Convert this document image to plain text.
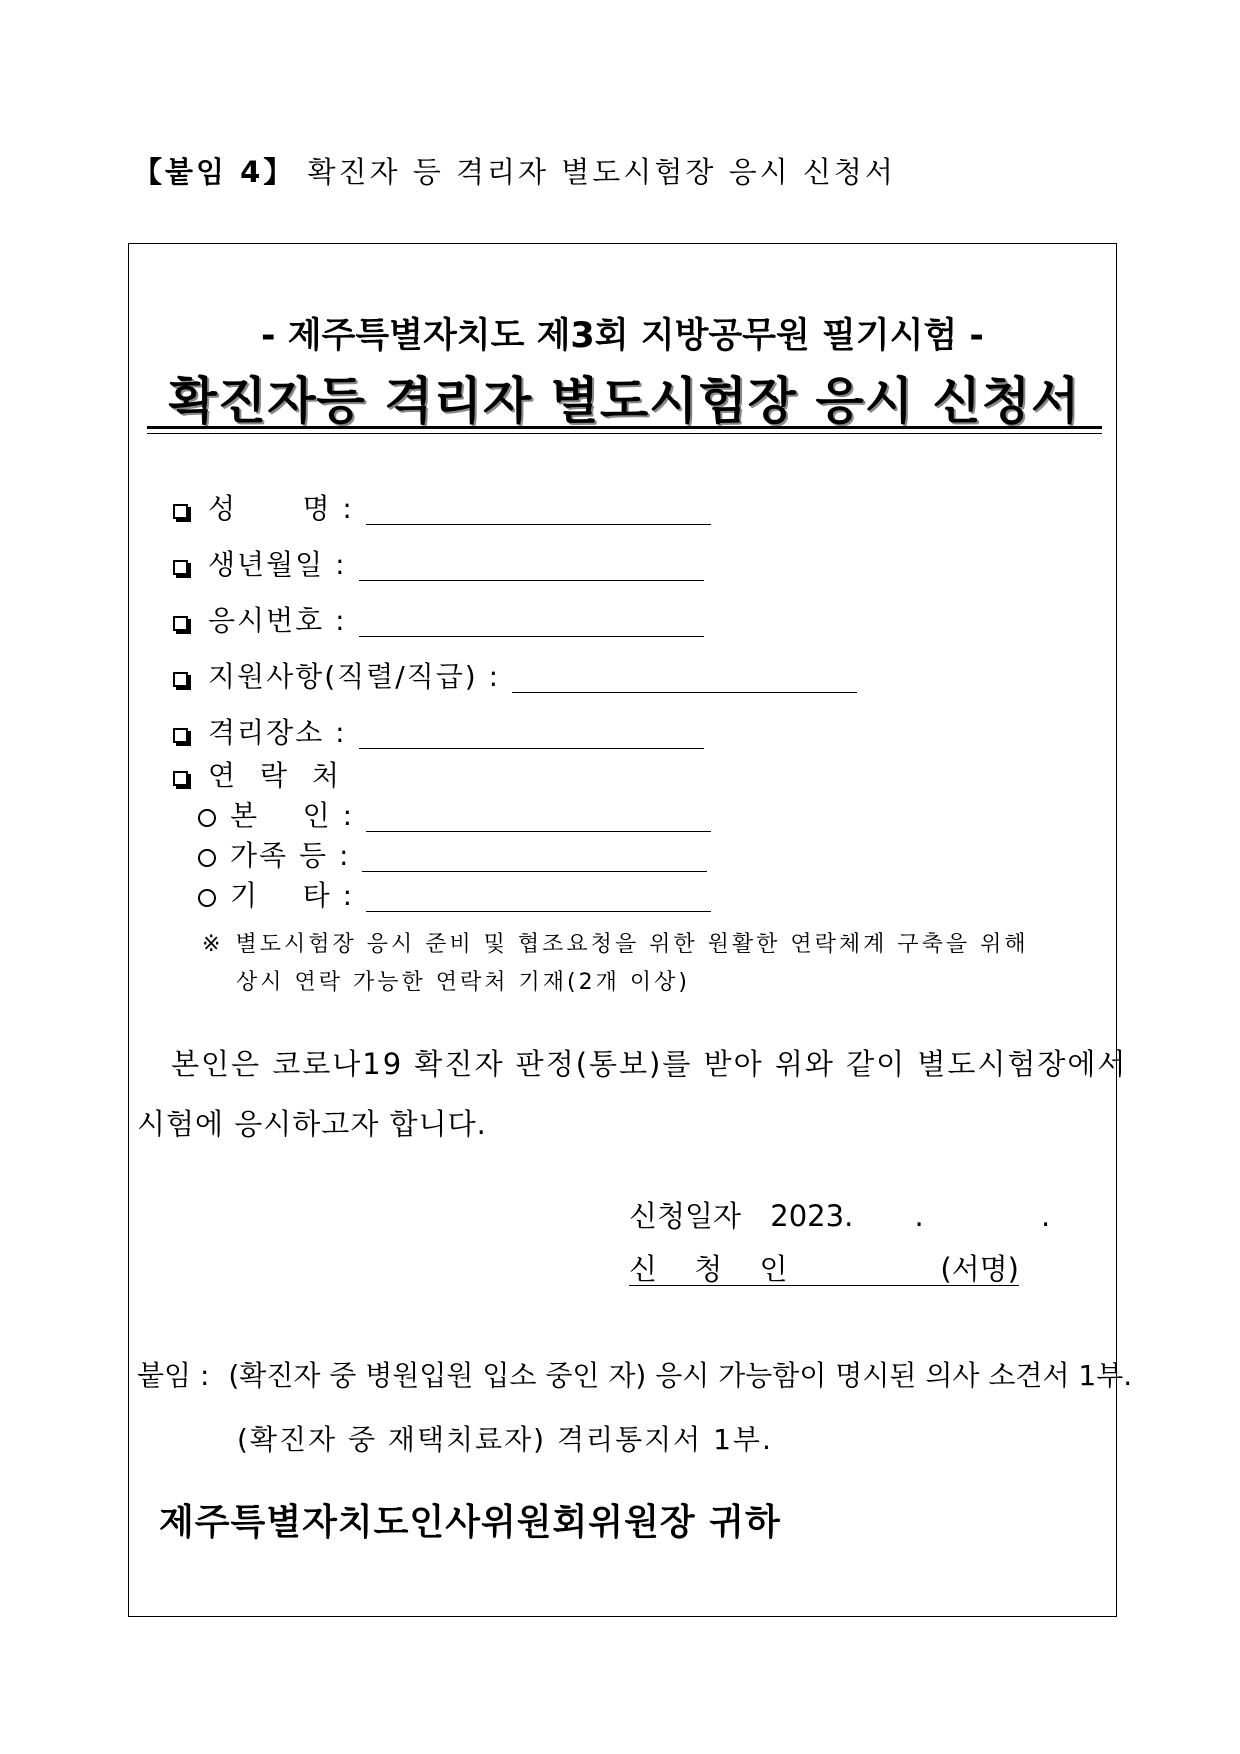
【붙임 4】 확진자 등 격리자 별도시험장 응시 신청서
- 제주특별자치도 제3회 지방공무원 필기시험 -
확진자등 격리자 별도시험장 응시 신청서
성      명 :
생년월일 :
응시번호 :
지원사항(직렬/직급) :
격리장소 :
연 락 처
본    인 :
가족 등 :
기    타 :
※ 별도시험장 응시 준비 및 협조요청을 위한 원활한 연락체계 구축을 위해
상시 연락 가능한 연락처 기재(2개 이상)
본인은 코로나19 확진자 판정(통보)를 받아 위와 같이 별도시험장에서
시험에 응시하고자 합니다.
신청일자 2023. . .
신 청 인	(서명)
붙임 : (확진자 중 병원입원 입소 중인 자) 응시 가능함이 명시된 의사 소견서 1부.
(확진자 중 재택치료자) 격리통지서 1부.
제주특별자치도인사위원회위원장 귀하
